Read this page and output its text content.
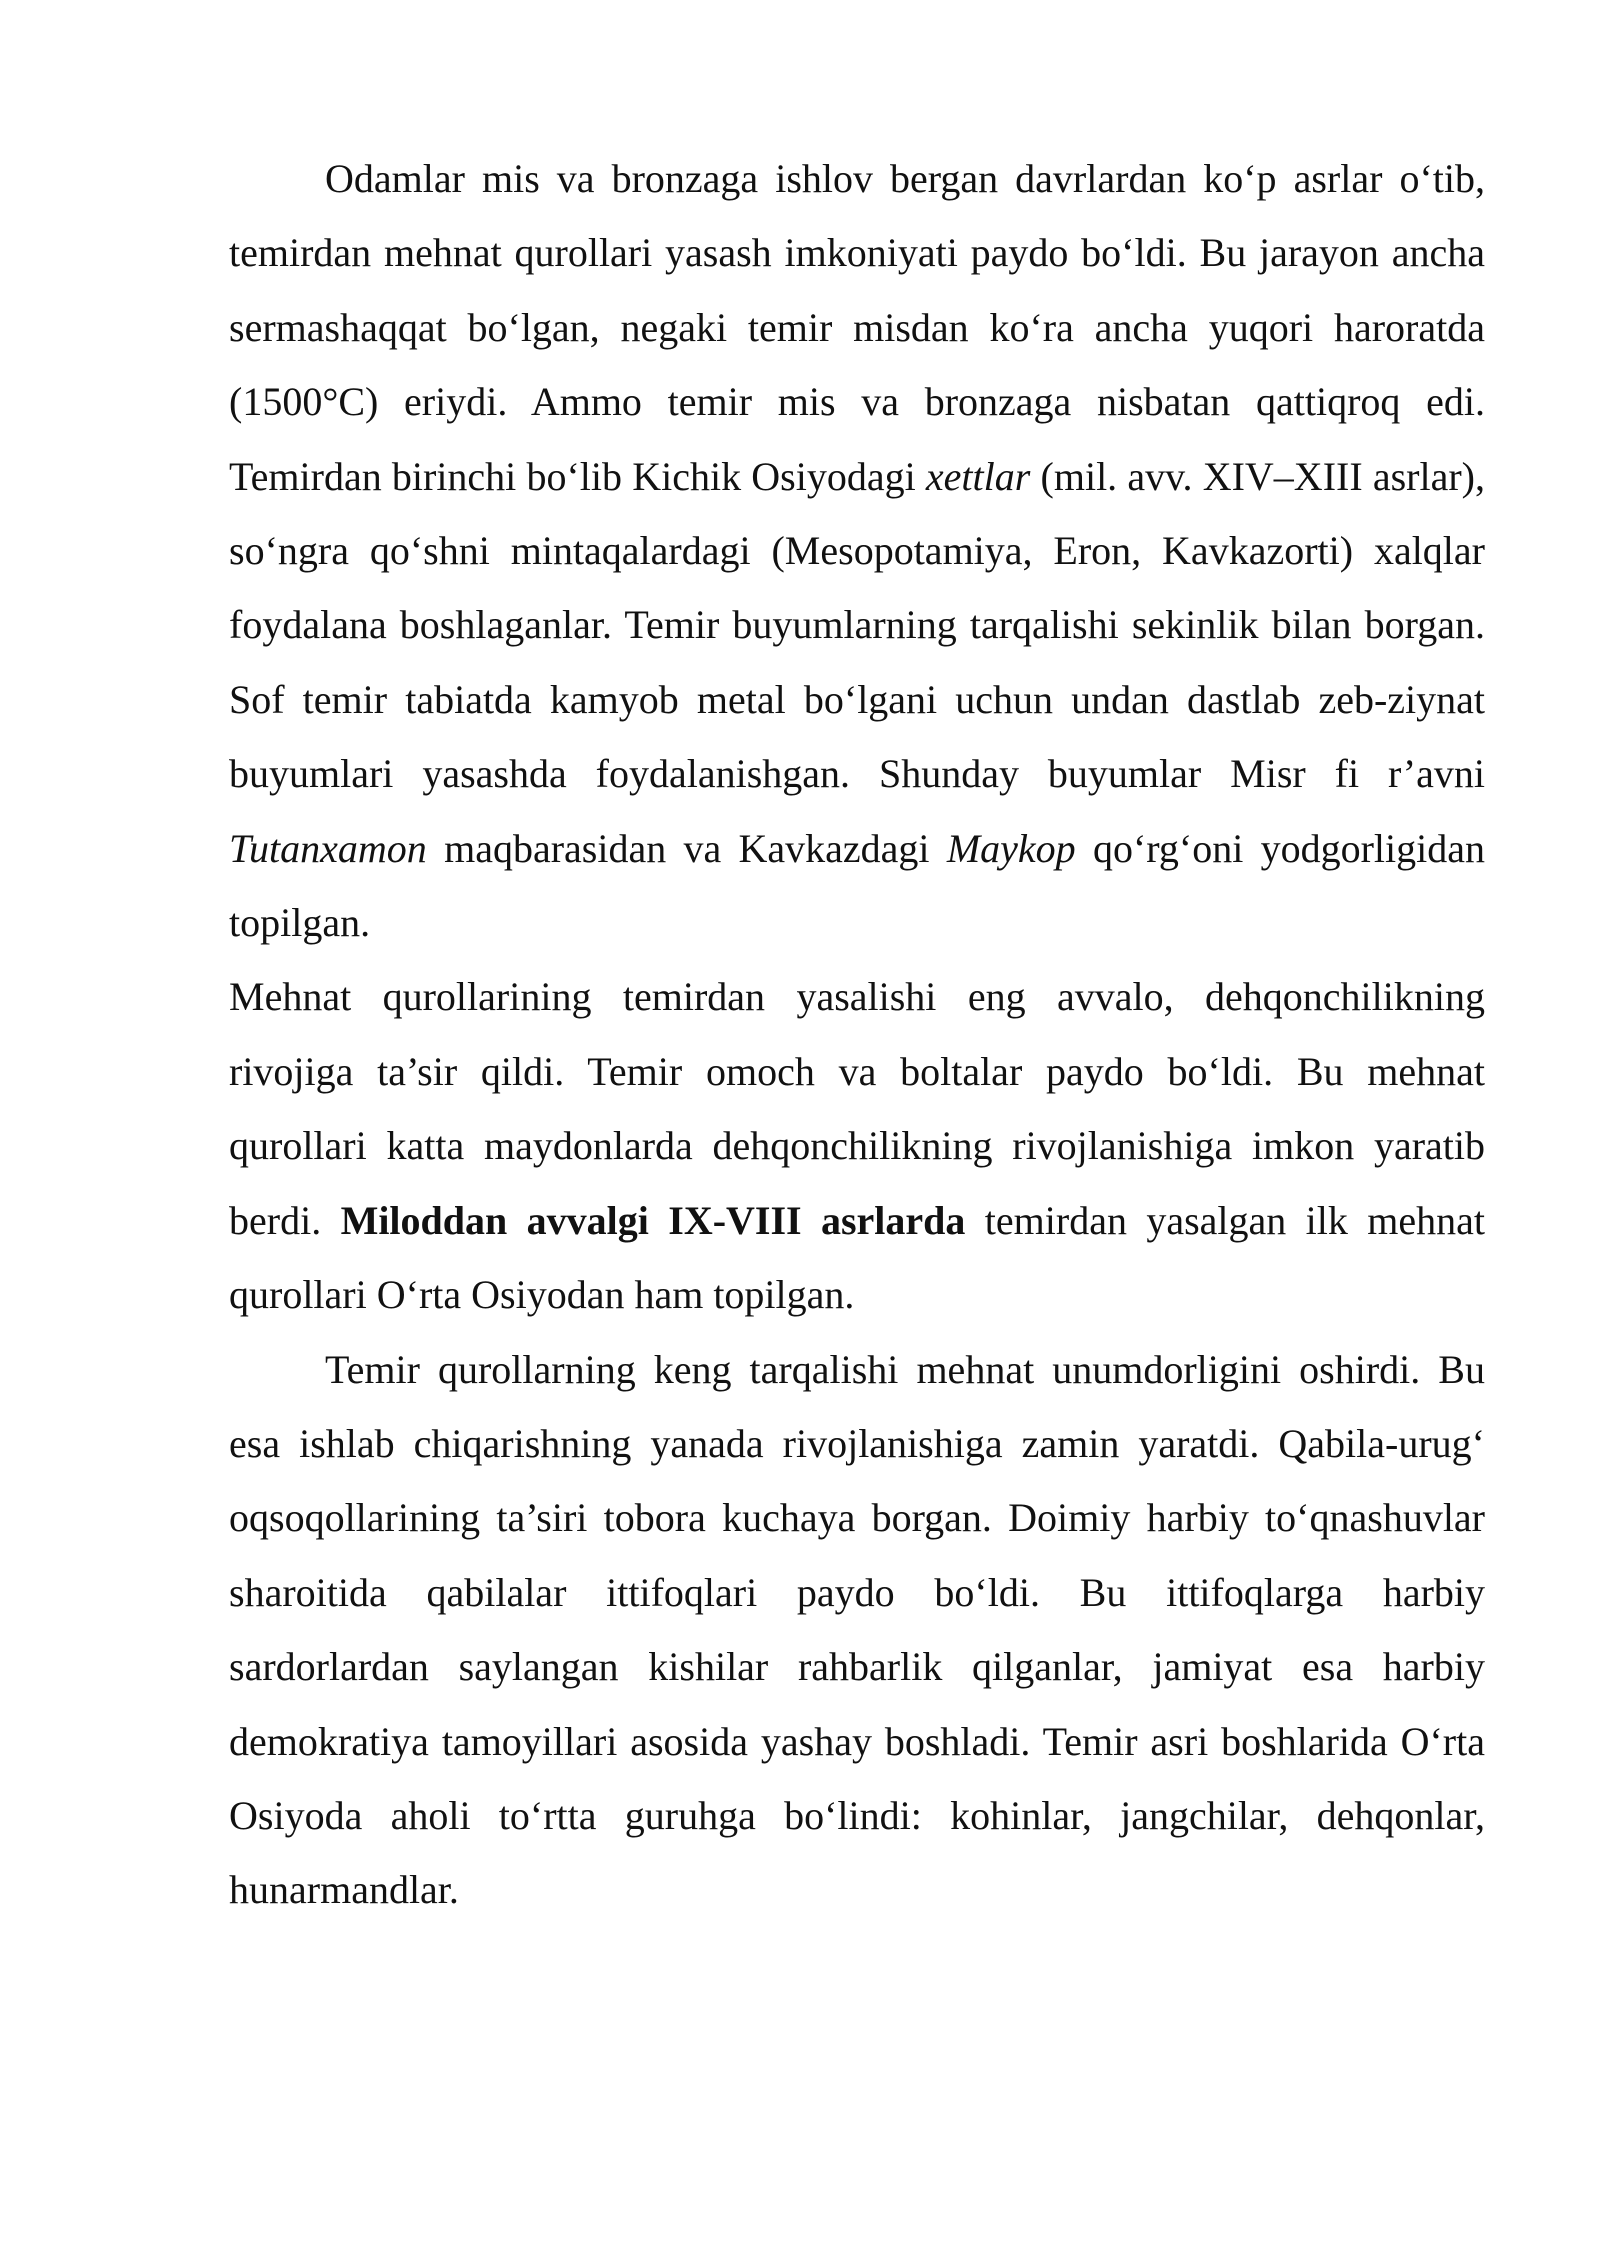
Odamlar mis va bronzaga ishlov bergan davrlardan ko‘p asrlar o‘tib, temirdan mehnat qurollari yasash imkoniyati paydo bo‘ldi. Bu jarayon ancha sermashaqqat bo‘lgan, negaki temir misdan ko‘ra ancha yuqori haroratda (1500°C) eriydi. Ammo temir mis va bronzaga nisbatan qattiqroq edi. Temirdan birinchi bo‘lib Kichik Osiyodagi xettlar (mil. avv. XIV–XIII asrlar), so‘ngra qo‘shni mintaqalardagi (Mesopotamiya, Eron, Kavkazorti) xalqlar foydalana boshlaganlar. Temir buyumlarning tarqalishi sekinlik bilan borgan. Sof temir tabiatda kamyob metal bo‘lgani uchun undan dastlab zeb-ziynat buyumlari yasashda foydalanishgan. Shunday buyumlar Misr fi r’avni Tutanxamon maqbarasidan va Kavkazdagi Maykop qo‘rg‘oni yodgorligidan topilgan.

Mehnat qurollarining temirdan yasalishi eng avvalo, dehqonchilikning rivojiga ta’sir qildi. Temir omoch va boltalar paydo bo‘ldi. Bu mehnat qurollari katta maydonlarda dehqonchilikning rivojlanishiga imkon yaratib berdi. Miloddan avvalgi IX-VIII asrlarda temirdan yasalgan ilk mehnat qurollari O‘rta Osiyodan ham topilgan.

Temir qurollarning keng tarqalishi mehnat unumdorligini oshirdi. Bu esa ishlab chiqarishning yanada rivojlanishiga zamin yaratdi. Qabila-urug‘ oqsoqollarining ta’siri tobora kuchaya borgan. Doimiy harbiy to‘qnashuvlar sharoitida qabilalar ittifoqlari paydo bo‘ldi. Bu ittifoqlarga harbiy sardorlardan saylangan kishilar rahbarlik qilganlar, jamiyat esa harbiy demokratiya tamoyillari asosida yashay boshladi. Temir asri boshlarida O‘rta Osiyoda aholi to‘rtta guruhga bo‘lindi: kohinlar, jangchilar, dehqonlar, hunarmandlar.
